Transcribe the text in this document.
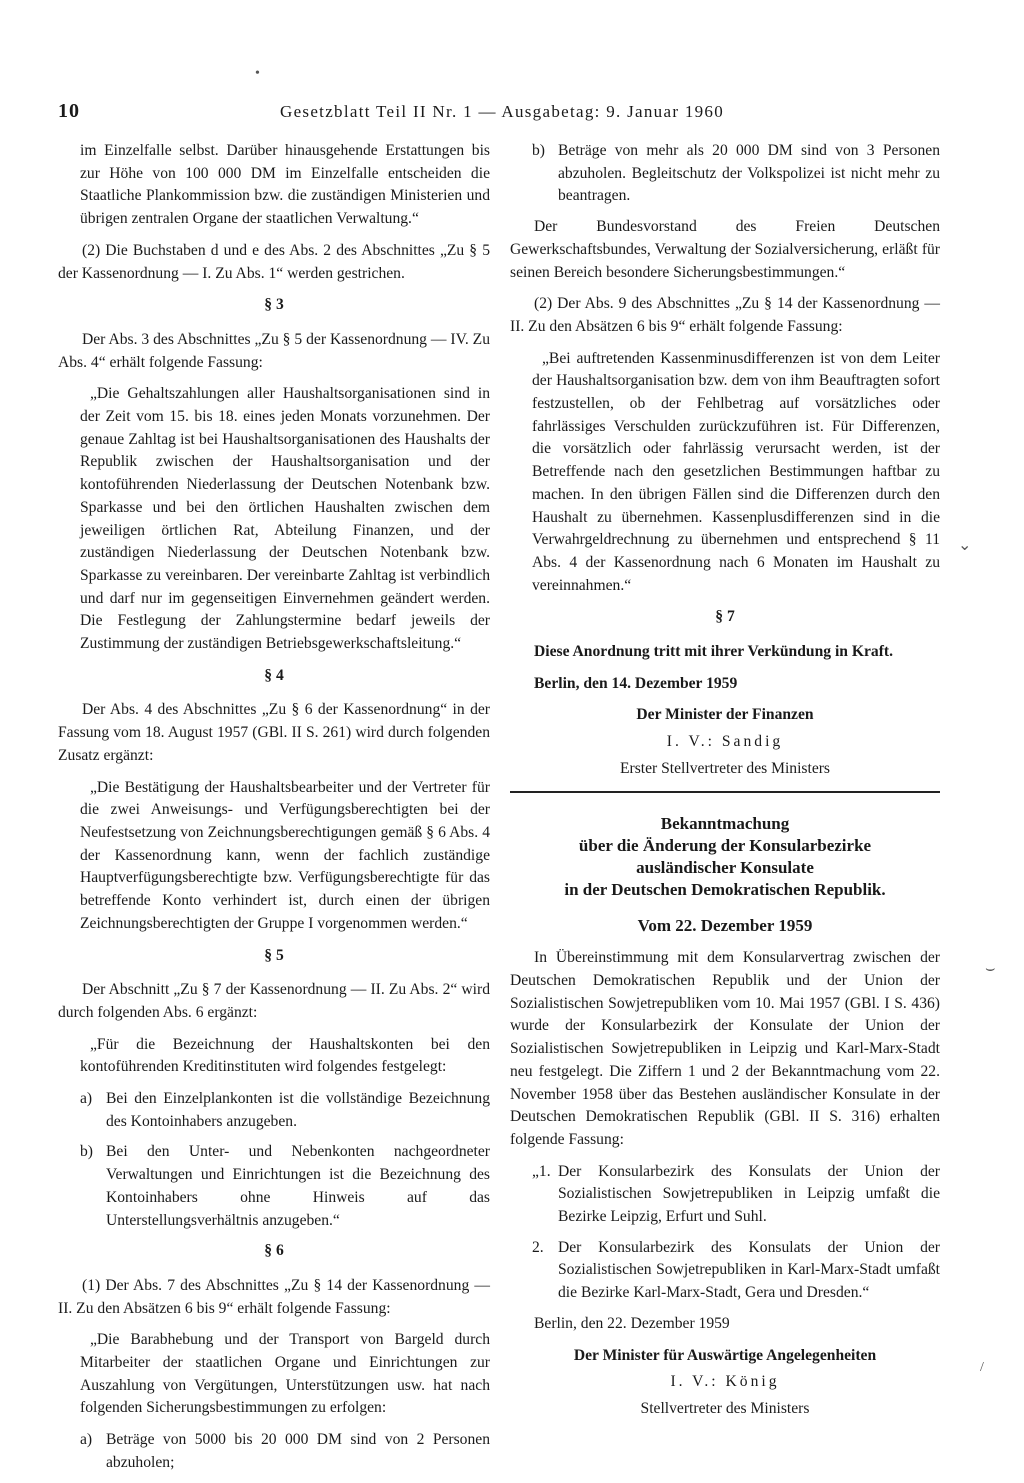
10	Gesetzblatt Teil II Nr. 1 — Ausgabetag: 9. Januar 1960

im Einzelfalle selbst. Darüber hinausgehende Erstattungen bis zur Höhe von 100 000 DM im Einzelfalle entscheiden die Staatliche Plankommission bzw. die zuständigen Ministerien und übrigen zentralen Organe der staatlichen Verwaltung.“

(2) Die Buchstaben d und e des Abs. 2 des Abschnittes „Zu § 5 der Kassenordnung — I. Zu Abs. 1“ werden gestrichen.

§ 3

Der Abs. 3 des Abschnittes „Zu § 5 der Kassenordnung — IV. Zu Abs. 4“ erhält folgende Fassung:

„Die Gehaltszahlungen aller Haushaltsorganisationen sind in der Zeit vom 15. bis 18. eines jeden Monats vorzunehmen. Der genaue Zahltag ist bei Haushaltsorganisationen des Haushalts der Republik zwischen der Haushaltsorganisation und der kontoführenden Niederlassung der Deutschen Notenbank bzw. Sparkasse und bei den örtlichen Haushalten zwischen dem jeweiligen örtlichen Rat, Abteilung Finanzen, und der zuständigen Niederlassung der Deutschen Notenbank bzw. Sparkasse zu vereinbaren. Der vereinbarte Zahltag ist verbindlich und darf nur im gegenseitigen Einvernehmen geändert werden. Die Festlegung der Zahlungstermine bedarf jeweils der Zustimmung der zuständigen Betriebsgewerkschaftsleitung.“

§ 4

Der Abs. 4 des Abschnittes „Zu § 6 der Kassenordnung“ in der Fassung vom 18. August 1957 (GBl. II S. 261) wird durch folgenden Zusatz ergänzt:

„Die Bestätigung der Haushaltsbearbeiter und der Vertreter für die zwei Anweisungs- und Verfügungsberechtigten bei der Neufestsetzung von Zeichnungsberechtigungen gemäß § 6 Abs. 4 der Kassenordnung kann, wenn der fachlich zuständige Hauptverfügungsberechtigte bzw. Verfügungsberechtigte für das betreffende Konto verhindert ist, durch einen der übrigen Zeichnungsberechtigten der Gruppe I vorgenommen werden.“

§ 5

Der Abschnitt „Zu § 7 der Kassenordnung — II. Zu Abs. 2“ wird durch folgenden Abs. 6 ergänzt:

„Für die Bezeichnung der Haushaltskonten bei den kontoführenden Kreditinstituten wird folgendes festgelegt:

a) Bei den Einzelplankonten ist die vollständige Bezeichnung des Kontoinhabers anzugeben.
b) Bei den Unter- und Nebenkonten nachgeordneter Verwaltungen und Einrichtungen ist die Bezeichnung des Kontoinhabers ohne Hinweis auf das Unterstellungsverhältnis anzugeben.“
§ 6

(1) Der Abs. 7 des Abschnittes „Zu § 14 der Kassenordnung — II. Zu den Absätzen 6 bis 9“ erhält folgende Fassung:

„Die Barabhebung und der Transport von Bargeld durch Mitarbeiter der staatlichen Organe und Einrichtungen zur Auszahlung von Vergütungen, Unterstützungen usw. hat nach folgenden Sicherungsbestimmungen zu erfolgen:

a) Beträge von 5000 bis 20 000 DM sind von 2 Personen abzuholen;
b) Beträge von mehr als 20 000 DM sind von 3 Personen abzuholen. Begleitschutz der Volkspolizei ist nicht mehr zu beantragen.

Der Bundesvorstand des Freien Deutschen Gewerkschaftsbundes, Verwaltung der Sozialversicherung, erläßt für seinen Bereich besondere Sicherungsbestimmungen.“

(2) Der Abs. 9 des Abschnittes „Zu § 14 der Kassenordnung — II. Zu den Absätzen 6 bis 9“ erhält folgende Fassung:

„Bei auftretenden Kassenminusdifferenzen ist von dem Leiter der Haushaltsorganisation bzw. dem von ihm Beauftragten sofort festzustellen, ob der Fehlbetrag auf vorsätzliches oder fahrlässiges Verschulden zurückzuführen ist. Für Differenzen, die vorsätzlich oder fahrlässig verursacht werden, ist der Betreffende nach den gesetzlichen Bestimmungen haftbar zu machen. In den übrigen Fällen sind die Differenzen durch den Haushalt zu übernehmen. Kassenplusdifferenzen sind in die Verwahrgeldrechnung zu übernehmen und entsprechend § 11 Abs. 4 der Kassenordnung nach 6 Monaten im Haushalt zu vereinnahmen.“

§ 7

Diese Anordnung tritt mit ihrer Verkündung in Kraft.

Berlin, den 14. Dezember 1959

Der Minister der Finanzen
I. V.: Sandig
Erster Stellvertreter des Ministers
Bekanntmachung
über die Änderung der Konsularbezirke
ausländischer Konsulate
in der Deutschen Demokratischen Republik.
Vom 22. Dezember 1959

In Übereinstimmung mit dem Konsularvertrag zwischen der Deutschen Demokratischen Republik und der Union der Sozialistischen Sowjetrepubliken vom 10. Mai 1957 (GBl. I S. 436) wurde der Konsularbezirk der Konsulate der Union der Sozialistischen Sowjetrepubliken in Leipzig und Karl-Marx-Stadt neu festgelegt. Die Ziffern 1 und 2 der Bekanntmachung vom 22. November 1958 über das Bestehen ausländischer Konsulate in der Deutschen Demokratischen Republik (GBl. II S. 316) erhalten folgende Fassung:

„1. Der Konsularbezirk des Konsulats der Union der Sozialistischen Sowjetrepubliken in Leipzig umfaßt die Bezirke Leipzig, Erfurt und Suhl.
2. Der Konsularbezirk des Konsulats der Union der Sozialistischen Sowjetrepubliken in Karl-Marx-Stadt umfaßt die Bezirke Karl-Marx-Stadt, Gera und Dresden.“

Berlin, den 22. Dezember 1959

Der Minister für Auswärtige Angelegenheiten
I. V.: König
Stellvertreter des Ministers
•
⌄
⌣
/
